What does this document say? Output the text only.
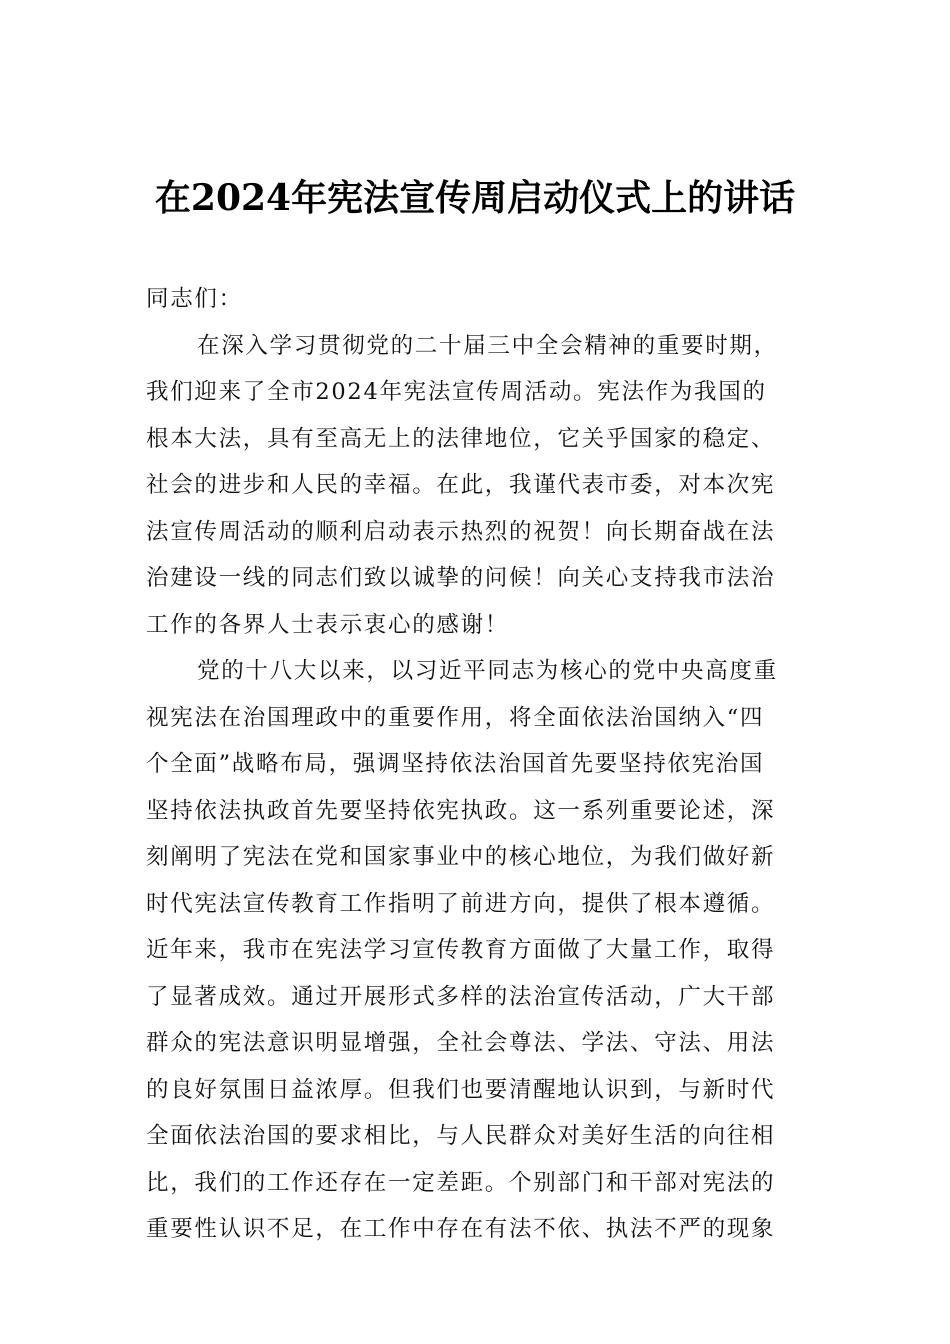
在2024年宪法宣传周启动仪式上的讲话
同志们：
在深入学习贯彻党的二十届三中全会精神的重要时期，
我们迎来了全市2024年宪法宣传周活动。宪法作为我国的
根本大法，具有至高无上的法律地位，它关乎国家的稳定、
社会的进步和人民的幸福。在此，我谨代表市委，对本次宪
法宣传周活动的顺利启动表示热烈的祝贺！向长期奋战在法
治建设一线的同志们致以诚挚的问候！向关心支持我市法治
工作的各界人士表示衷心的感谢！
党的十八大以来，以习近平同志为核心的党中央高度重
视宪法在治国理政中的重要作用，将全面依法治国纳入“四
个全面”战略布局，强调坚持依法治国首先要坚持依宪治国
坚持依法执政首先要坚持依宪执政。这一系列重要论述，深
刻阐明了宪法在党和国家事业中的核心地位，为我们做好新
时代宪法宣传教育工作指明了前进方向，提供了根本遵循。
近年来，我市在宪法学习宣传教育方面做了大量工作，取得
了显著成效。通过开展形式多样的法治宣传活动，广大干部
群众的宪法意识明显增强，全社会尊法、学法、守法、用法
的良好氛围日益浓厚。但我们也要清醒地认识到，与新时代
全面依法治国的要求相比，与人民群众对美好生活的向往相
比，我们的工作还存在一定差距。个别部门和干部对宪法的
重要性认识不足，在工作中存在有法不依、执法不严的现象
